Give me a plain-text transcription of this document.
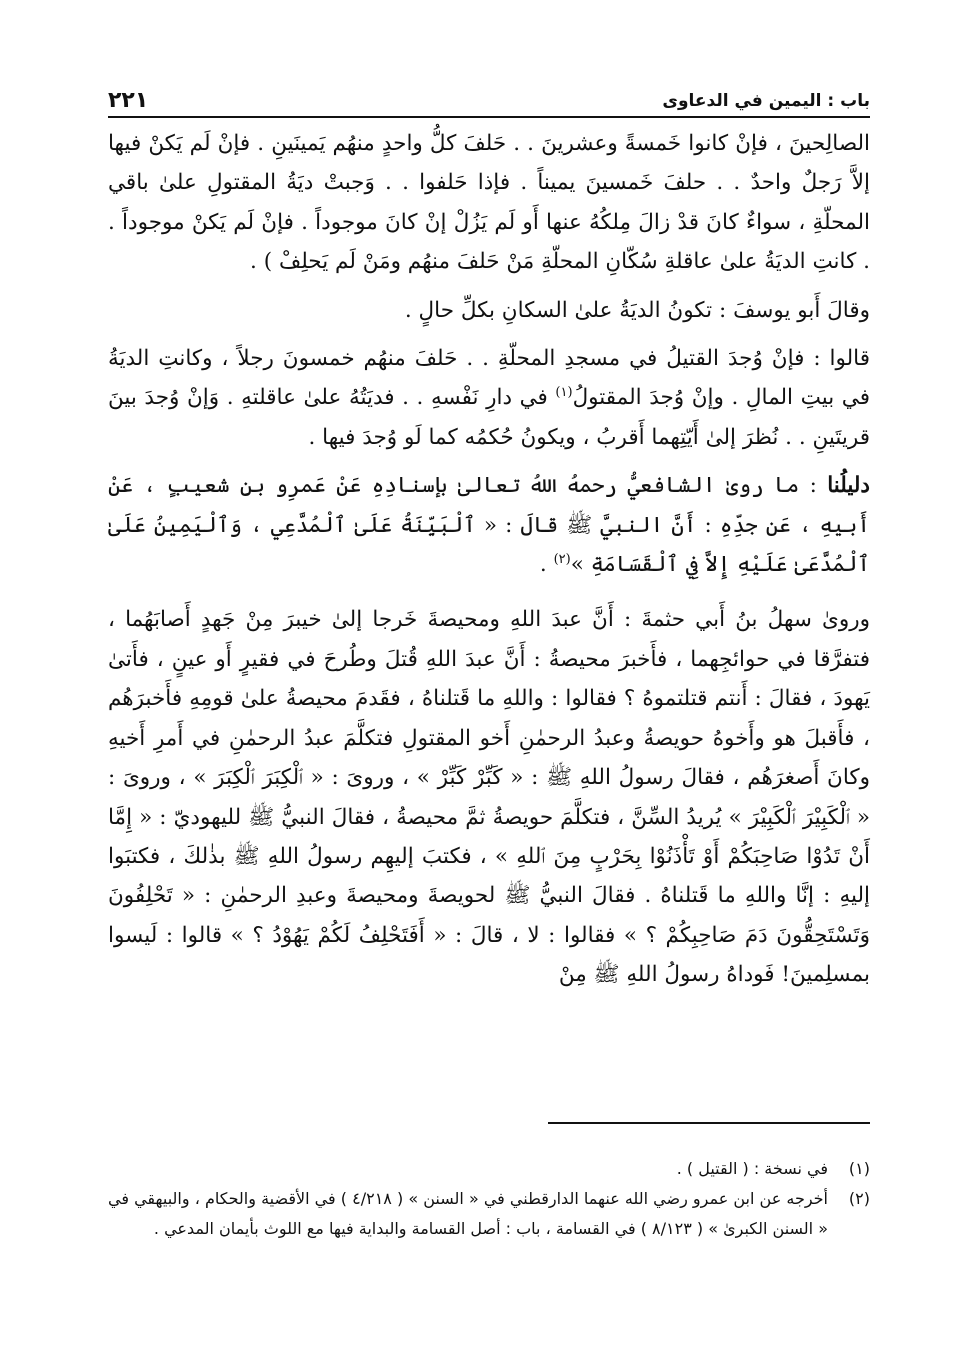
باب : اليمين في الدعاوى
٢٢١

الصالِحينَ ، فإنْ كانوا خَمسةً وعشرينَ . . حَلفَ كلُّ واحدٍ منهُم يَمينَينِ . فإنْ لَم يَكنْ فيها إلاَّ رَجلٌ واحدٌ . . حلفَ خَمسينَ يميناً . فإذا حَلفوا . . وَجبتْ ديَةُ المقتولِ علىٰ باقي المحلّةِ ، سواءٌ كانَ قدْ زالَ مِلكُهُ عنها أَو لَم يَزُلْ إنْ كانَ موجوداً . فإنْ لَم يَكنْ موجوداً . . كانتِ الديَةُ علىٰ عاقلةِ سُكّانِ المحلّةِ مَنْ حَلفَ منهُم ومَنْ لَم يَحلِفْ ) .

وقالَ أَبو يوسفَ : تكونُ الديَةُ علىٰ السكانِ بكلِّ حالٍ .

قالوا : فإنْ وُجدَ القتيلُ في مسجدِ المحلّةِ . . حَلفَ منهُم خمسونَ رجلاً ، وكانتِ الديَةُ في بيتِ المالِ . وإنْ وُجدَ المقتولُ$^{(١)}$ في دارِ نَفْسهِ . . فديَتُهُ علىٰ عاقلتهِ . وَإنْ وُجدَ بينَ قريتَينِ . . نُظرَ إلىٰ أَيّتِهما أَقربُ ، ويكونُ حُكمُه كما لَو وُجدَ فيها .

دليلُنا : ما روىٰ الشافعيُّ رحمهُ اللهُ تعالىٰ بإسنادِهِ عَنْ عَمرِو بنِ شعيبٍ ، عَنْ أَبيهِ ، عَن جدِّهِ : أَنَّ النبيَّ ﷺ قالَ : « ٱلْبَيِّنَةُ عَلَىٰ ٱلْمُدَّعِي ، وَٱلْيَمِينُ عَلَىٰ ٱلْمُدَّعَىٰ عَلَيْهِ إِلاَّ فِي ٱلْقَسَامَةِ »$^{(٢)}$ .

وروىٰ سهلُ بنُ أَبي حثمةَ : أَنَّ عبدَ اللهِ ومحيصةَ خَرجا إلىٰ خيبرَ مِنْ جَهدٍ أَصابَهُما ، فتفرَّقا في حوائجِهما ، فأَخبرَ محيصةُ : أَنَّ عبدَ اللهِ قُتلَ وطُرحَ في فقيرٍ أَو عينٍ ، فأَتىٰ يَهودَ ، فقالَ : أَنتم قتلتموهُ ؟ فقالوا : واللهِ ما قَتلناهُ ، فقَدمَ محيصةُ علىٰ قومِهِ فأَخبرَهُم ، فأَقبلَ هو وأَخوهُ حويصةُ وعبدُ الرحمٰنِ أَخو المقتولِ فتكلَّمَ عبدُ الرحمٰنِ في أَمرِ أَخيهِ وكانَ أَصغرَهُم ، فقالَ رسولُ اللهِ ﷺ : « كَبِّرْ كَبِّرْ » ، وروىَ : « ٱلْكِبَرَ ٱلْكِبَرَ » ، وروىَ : « ٱلْكَبِيْرَ ٱلْكَبِيْرَ » يُريدُ السِّنَّ ، فتكلَّمَ حويصةُ ثمَّ محيصةُ ، فقالَ النبيُّ ﷺ لليهوديّ : « إِمَّا أَنْ تَدُوْا صَاحِبَكُمْ أَوْ تَأْذَنُوْا بِحَرْبٍ مِنَ ٱللهِ » ، فكتبَ إليهِم رسولُ اللهِ ﷺ بذٰلكَ ، فكتبَوا إليهِ : إنَّا واللهِ ما قَتلناهُ . فقالَ النبيُّ ﷺ لحويصةَ ومحيصةَ وعبدِ الرحمٰنِ : « تَحْلِفُونَ وَتَسْتَحِقُّونَ دَمَ صَاحِبِكُمْ ؟ » فقالوا : لا ، قالَ : « أَفَتَحْلِفُ لَكُمْ يَهُوْدُ ؟ » قالوا : لَيسوا بمسلِمينَ! فَوداهُ رسولُ اللهِ ﷺ مِنْ

(١)
في نسخة : ( القتيل ) .
(٢)
أخرجه عن ابن عمرو رضي الله عنهما الدارقطني في « السنن » ( ٤/٢١٨ ) في الأقضية والحكام ، والبيهقي في « السنن الكبرىٰ » ( ٨/١٢٣ ) في القسامة ، باب : أصل القسامة والبداية فيها مع اللوث بأيمان المدعي .
